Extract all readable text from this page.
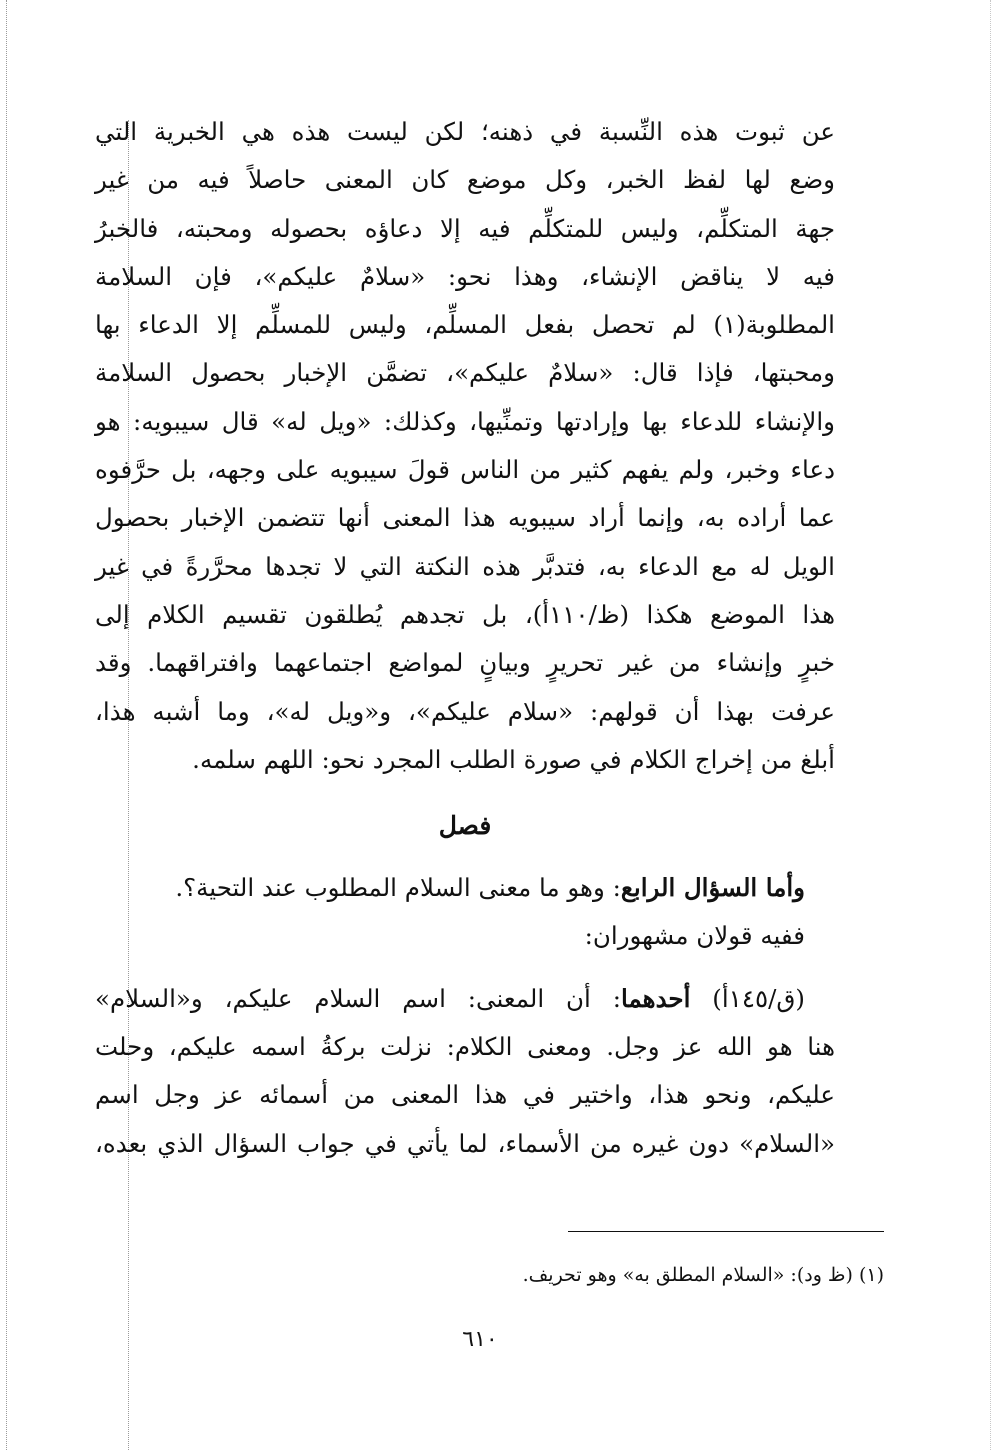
عن ثبوت هذه النِّسبة في ذهنه؛ لكن ليست هذه هي الخبرية التي
وضع لها لفظ الخبر، وكل موضع كان المعنى حاصلاً فيه من غير
جهة المتكلِّم، وليس للمتكلِّم فيه إلا دعاؤه بحصوله ومحبته، فالخبرُ
فيه لا يناقض الإنشاء، وهذا نحو: «سلامٌ عليكم»، فإن السلامة
المطلوبة(١) لم تحصل بفعل المسلِّم، وليس للمسلِّم إلا الدعاء بها
ومحبتها، فإذا قال: «سلامٌ عليكم»، تضمَّن الإخبار بحصول السلامة
والإنشاء للدعاء بها وإرادتها وتمنِّيها، وكذلك: «ويل له» قال سيبويه: هو
دعاء وخبر، ولم يفهم كثير من الناس قولَ سيبويه على وجهه، بل حرَّفوه
عما أراده به، وإنما أراد سيبويه هذا المعنى أنها تتضمن الإخبار بحصول
الويل له مع الدعاء به، فتدبَّر هذه النكتة التي لا تجدها محرَّرةً في غير
هذا الموضع هكذا (ظ/١١٠أ)، بل تجدهم يُطلقون تقسيم الكلام إلى
خبرٍ وإنشاء من غير تحريرٍ وبيانٍ لمواضع اجتماعهما وافتراقهما. وقد
عرفت بهذا أن قولهم: «سلام عليكم»، و«ويل له»، وما أشبه هذا،
أبلغ من إخراج الكلام في صورة الطلب المجرد نحو: اللهم سلمه.
فصل
وأما السؤال الرابع: وهو ما معنى السلام المطلوب عند التحية؟.
ففيه قولان مشهوران:
(ق/١٤٥أ) أحدهما: أن المعنى: اسم السلام عليكم، و«السلام»
هنا هو الله عز وجل. ومعنى الكلام: نزلت بركةُ اسمه عليكم، وحلت
عليكم، ونحو هذا، واختير في هذا المعنى من أسمائه عز وجل اسم
«السلام» دون غيره من الأسماء، لما يأتي في جواب السؤال الذي بعده،
(١) (ظ ود): «السلام المطلق به» وهو تحريف.
٦١٠
